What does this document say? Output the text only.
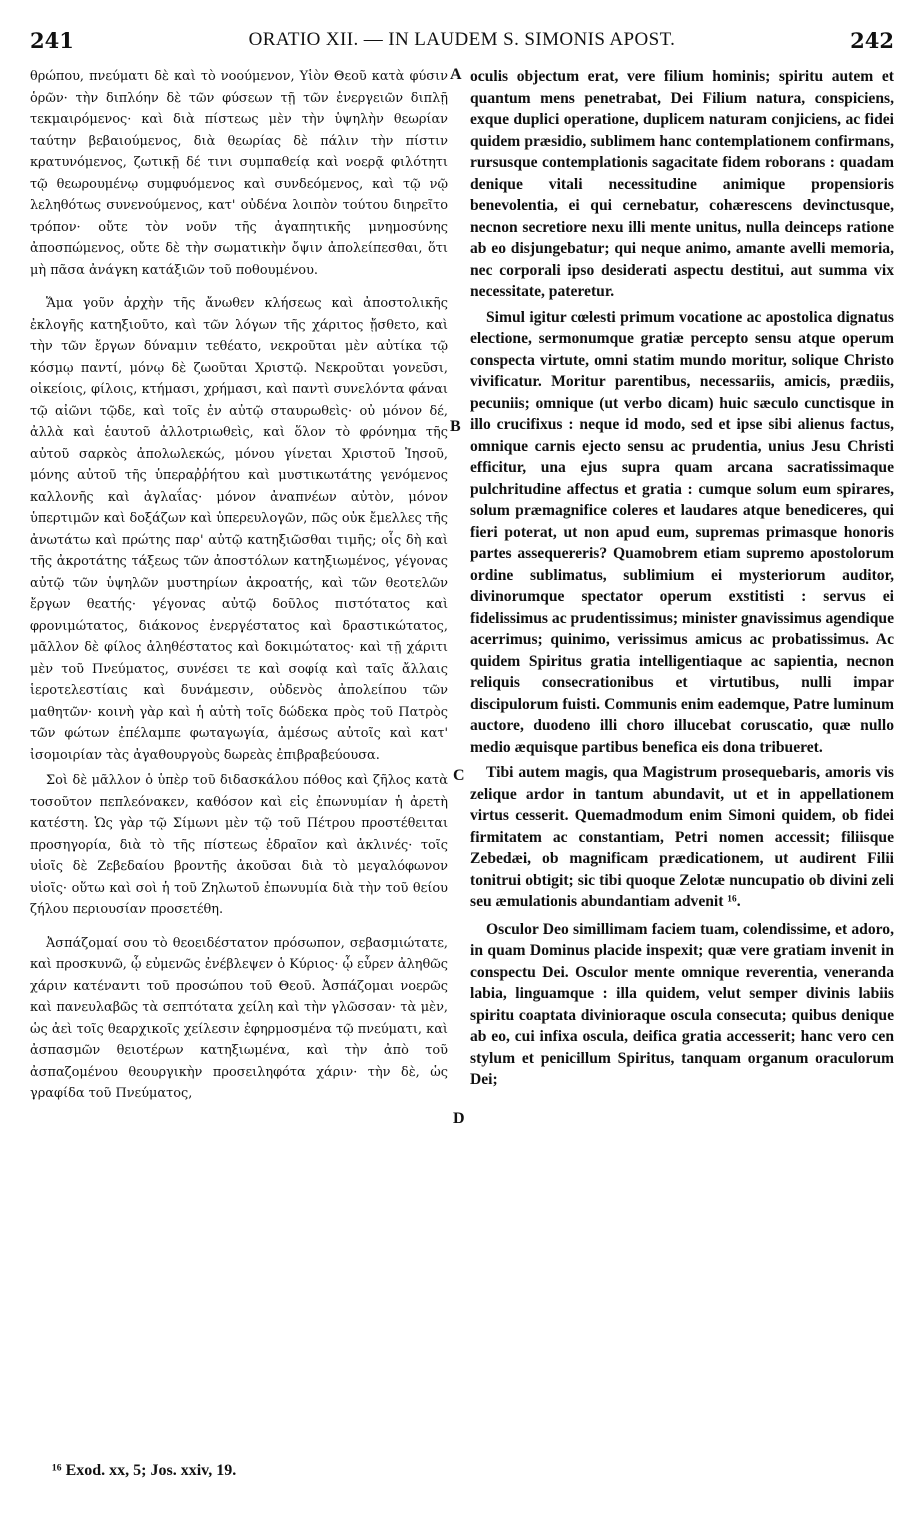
241	ORATIO XII. — IN LAUDEM S. SIMONIS APOST.	242

θρώπου, πνεύματι δὲ καὶ τὸ νοούμενον, Υἱὸν Θεοῦ κατὰ φύσιν ὁρῶν· τὴν διπλόην δὲ τῶν φύσεων τῇ τῶν ἐνεργειῶν διπλῇ τεκμαιρόμενος· καὶ διὰ πίστεως μὲν τὴν ὑψηλὴν θεωρίαν ταύτην βεβαιούμενος, διὰ θεωρίας δὲ πάλιν τὴν πίστιν κρατυνόμενος, ζωτικῇ δέ τινι συμπαθείᾳ καὶ νοερᾷ φιλότητι τῷ θεωρουμένῳ συμφυόμενος καὶ συνδεόμενος, καὶ τῷ νῷ λεληθότως συνενούμενος, κατ' οὐδένα λοιπὸν τούτου διηρεῖτο τρόπον· οὔτε τὸν νοῦν τῆς ἀγαπητικῆς μνημοσύνης ἀποσπώμενος, οὔτε δὲ τὴν σωματικὴν ὄψιν ἀπολείπεσθαι, ὅτι μὴ πᾶσα ἀνάγκη κατάξιῶν τοῦ ποθουμένου.

Ἅμα γοῦν ἀρχὴν τῆς ἄνωθεν κλήσεως καὶ ἀποστολικῆς ἐκλογῆς κατηξιοῦτο, καὶ τῶν λόγων τῆς χάριτος ᾔσθετο, καὶ τὴν τῶν ἔργων δύναμιν τεθέατο, νεκροῦται μὲν αὐτίκα τῷ κόσμῳ παντί, μόνῳ δὲ ζωοῦται Χριστῷ. Νεκροῦται γονεῦσι, οἰκείοις, φίλοις, κτήμασι, χρήμασι, καὶ παντὶ συνελόντα φάναι τῷ αἰῶνι τῷδε, καὶ τοῖς ἐν αὐτῷ σταυρωθεὶς· οὐ μόνον δέ, ἀλλὰ καὶ ἑαυτοῦ ἀλλοτριωθεὶς, καὶ ὅλον τὸ φρόνημα τῆς αὐτοῦ σαρκὸς ἀπολωλεκώς, μόνου γίνεται Χριστοῦ Ἰησοῦ, μόνης αὐτοῦ τῆς ὑπεραῤῥήτου καὶ μυστικωτάτης γενόμενος καλλονῆς καὶ ἀγλαΐας· μόνον ἀναπνέων αὐτὸν, μόνον ὑπερτιμῶν καὶ δοξάζων καὶ ὑπερευλογῶν, πῶς οὐκ ἔμελλες τῆς ἀνωτάτω καὶ πρώτης παρ' αὐτῷ κατηξιῶσθαι τιμῆς; οἷς δὴ καὶ τῆς ἀκροτάτης τάξεως τῶν ἀποστόλων κατηξιωμένος, γέγονας αὐτῷ τῶν ὑψηλῶν μυστηρίων ἀκροατής, καὶ τῶν θεοτελῶν ἔργων θεατής· γέγονας αὐτῷ δοῦλος πιστότατος καὶ φρονιμώτατος, διάκονος ἐνεργέστατος καὶ δραστικώτατος, μᾶλλον δὲ φίλος ἀληθέστατος καὶ δοκιμώτατος· καὶ τῇ χάριτι μὲν τοῦ Πνεύματος, συνέσει τε καὶ σοφίᾳ καὶ ταῖς ἄλλαις ἱεροτελεστίαις καὶ δυνάμεσιν, οὐδενὸς ἀπολείπου τῶν μαθητῶν· κοινὴ γὰρ καὶ ἡ αὐτὴ τοῖς δώδεκα πρὸς τοῦ Πατρὸς τῶν φώτων ἐπέλαμπε φωταγωγία, ἀμέσως αὐτοῖς καὶ κατ' ἰσομοιρίαν τὰς ἀγαθουργοὺς δωρεὰς ἐπιβραβεύουσα.

Σοὶ δὲ μᾶλλον ὁ ὑπὲρ τοῦ διδασκάλου πόθος καὶ ζῆλος κατὰ τοσοῦτον πεπλεόνακεν, καθόσον καὶ εἰς ἐπωνυμίαν ἡ ἀρετὴ κατέστη. Ὡς γὰρ τῷ Σίμωνι μὲν τῷ τοῦ Πέτρου προστέθειται προσηγορία, διὰ τὸ τῆς πίστεως ἑδραῖον καὶ ἀκλινές· τοῖς υἱοῖς δὲ Ζεβεδαίου βροντῆς ἀκοῦσαι διὰ τὸ μεγαλόφωνον υἱοῖς· οὕτω καὶ σοὶ ἡ τοῦ Ζηλωτοῦ ἐπωνυμία διὰ τὴν τοῦ θείου ζήλου περιουσίαν προσετέθη.

Ἀσπάζομαί σου τὸ θεοειδέστατον πρόσωπον, σεβασμιώτατε, καὶ προσκυνῶ, ᾧ εὐμενῶς ἐνέβλεψεν ὁ Κύριος· ᾧ εὗρεν ἀληθῶς χάριν κατέναντι τοῦ προσώπου τοῦ Θεοῦ. Ἀσπάζομαι νοερῶς καὶ πανευλαβῶς τὰ σεπτότατα χείλη καὶ τὴν γλῶσσαν· τὰ μὲν, ὡς ἀεὶ τοῖς θεαρχικοῖς χείλεσιν ἐφηρμοσμένα τῷ πνεύματι, καὶ ἀσπασμῶν θειοτέρων κατηξιωμένα, καὶ τὴν ἀπὸ τοῦ ἀσπαζομένου θεουργικὴν προσειληφότα χάριν· τὴν δὲ, ὡς γραφίδα τοῦ Πνεύματος,

A
B
C
D

oculis objectum erat, vere filium hominis; spiritu autem et quantum mens penetrabat, Dei Filium natura, conspiciens, exque duplici operatione, duplicem naturam conjiciens, ac fidei quidem præsidio, sublimem hanc contemplationem confirmans, rursusque contemplationis sagacitate fidem roborans : quadam denique vitali necessitudine animique propensioris benevolentia, ei qui cernebatur, cohærescens devinctusque, necnon secretiore nexu illi mente unitus, nulla deinceps ratione ab eo disjungebatur; qui neque animo, amante avelli memoria, nec corporali ipso desiderati aspectu destitui, aut summa vix necessitate, pateretur.

Simul igitur cœlesti primum vocatione ac apostolica dignatus electione, sermonumque gratiæ percepto sensu atque operum conspecta virtute, omni statim mundo moritur, solique Christo vivificatur. Moritur parentibus, necessariis, amicis, prædiis, pecuniis; omnique (ut verbo dicam) huic sæculo cunctisque in illo crucifixus : neque id modo, sed et ipse sibi alienus factus, omnique carnis ejecto sensu ac prudentia, unius Jesu Christi efficitur, una ejus supra quam arcana sacratissimaque pulchritudine affectus et gratia : cumque solum eum spirares, solum præmagnifice coleres et laudares atque benediceres, qui fieri poterat, ut non apud eum, supremas primasque honoris partes assequereris? Quamobrem etiam supremo apostolorum ordine sublimatus, sublimium ei mysteriorum auditor, divinorumque spectator operum exstitisti : servus ei fidelissimus ac prudentissimus; minister gnavissimus agendique acerrimus; quinimo, verissimus amicus ac probatissimus. Ac quidem Spiritus gratia intelligentiaque ac sapientia, necnon reliquis consecrationibus et virtutibus, nulli impar discipulorum fuisti. Communis enim eademque, Patre luminum auctore, duodeno illi choro illucebat coruscatio, quæ nullo medio æquisque partibus benefica eis dona tribueret.

Tibi autem magis, qua Magistrum prosequebaris, amoris vis zelique ardor in tantum abundavit, ut et in appellationem virtus cesserit. Quemadmodum enim Simoni quidem, ob fidei firmitatem ac constantiam, Petri nomen accessit; filiisque Zebedæi, ob magnificam prædicationem, ut audirent Filii tonitrui obtigit; sic tibi quoque Zelotæ nuncupatio ob divini zeli seu æmulationis abundantiam advenit ¹⁶.

Osculor Deo simillimam faciem tuam, colendissime, et adoro, in quam Dominus placide inspexit; quæ vere gratiam invenit in conspectu Dei. Osculor mente omnique reverentia, veneranda labia, linguamque : illa quidem, velut semper divinis labiis spiritu coaptata divinioraque oscula consecuta; quibus denique ab eo, cui infixa oscula, deifica gratia accesserit; hanc vero cen stylum et penicillum Spiritus, tanquam organum oraculorum Dei;

¹⁶ Exod. xx, 5; Jos. xxiv, 19.
